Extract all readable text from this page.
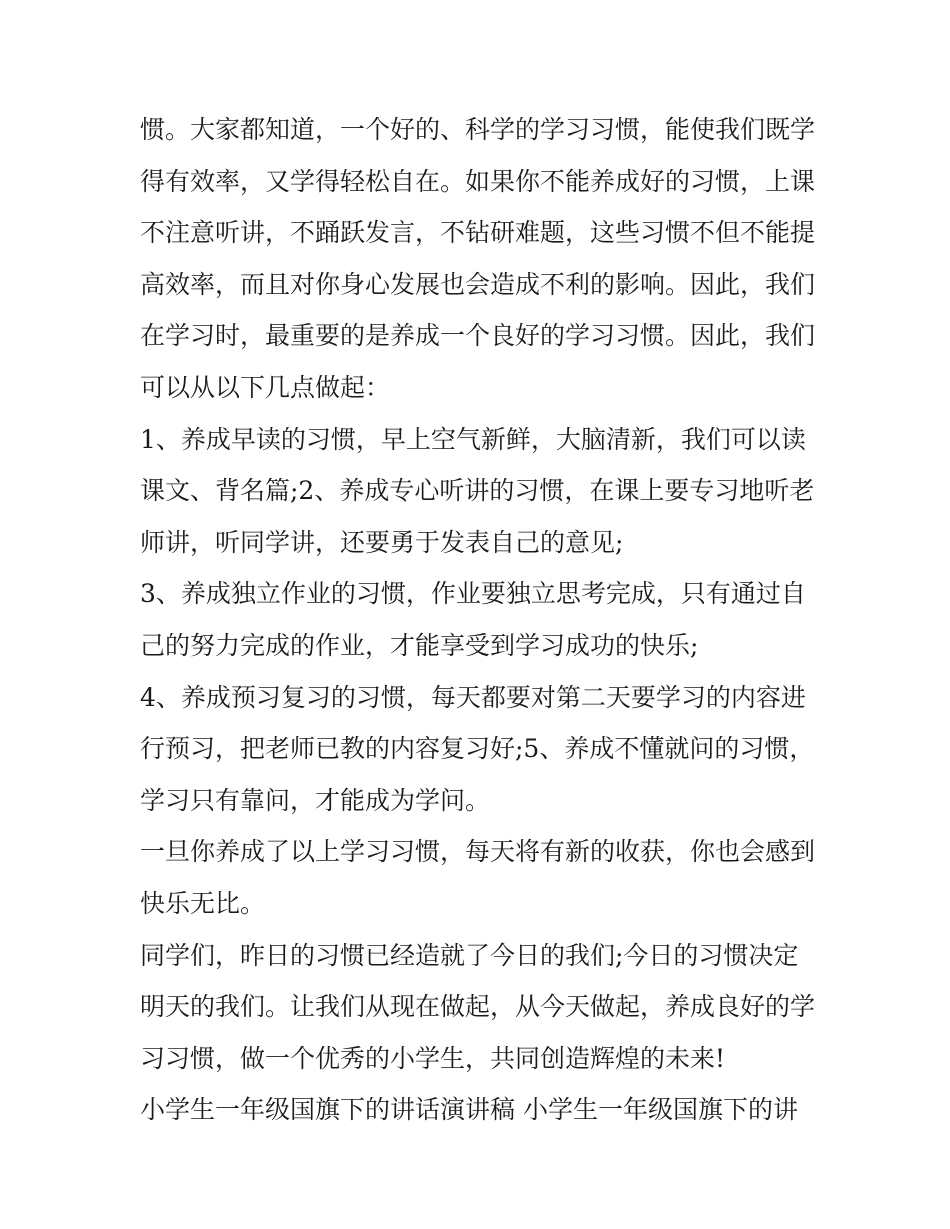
惯。大家都知道，一个好的、科学的学习习惯，能使我们既学
得有效率，又学得轻松自在。如果你不能养成好的习惯，上课
不注意听讲，不踊跃发言，不钻研难题，这些习惯不但不能提
高效率，而且对你身心发展也会造成不利的影响。因此，我们
在学习时，最重要的是养成一个良好的学习习惯。因此，我们
可以从以下几点做起：
1、养成早读的习惯，早上空气新鲜，大脑清新，我们可以读
课文、背名篇;2、养成专心听讲的习惯，在课上要专习地听老
师讲，听同学讲，还要勇于发表自己的意见;
3、养成独立作业的习惯，作业要独立思考完成，只有通过自
己的努力完成的作业，才能享受到学习成功的快乐;
4、养成预习复习的习惯，每天都要对第二天要学习的内容进
行预习，把老师已教的内容复习好;5、养成不懂就问的习惯，
学习只有靠问，才能成为学问。
一旦你养成了以上学习习惯，每天将有新的收获，你也会感到
快乐无比。
同学们，昨日的习惯已经造就了今日的我们;今日的习惯决定
明天的我们。让我们从现在做起，从今天做起，养成良好的学
习习惯，做一个优秀的小学生，共同创造辉煌的未来!
小学生一年级国旗下的讲话演讲稿 小学生一年级国旗下的讲
